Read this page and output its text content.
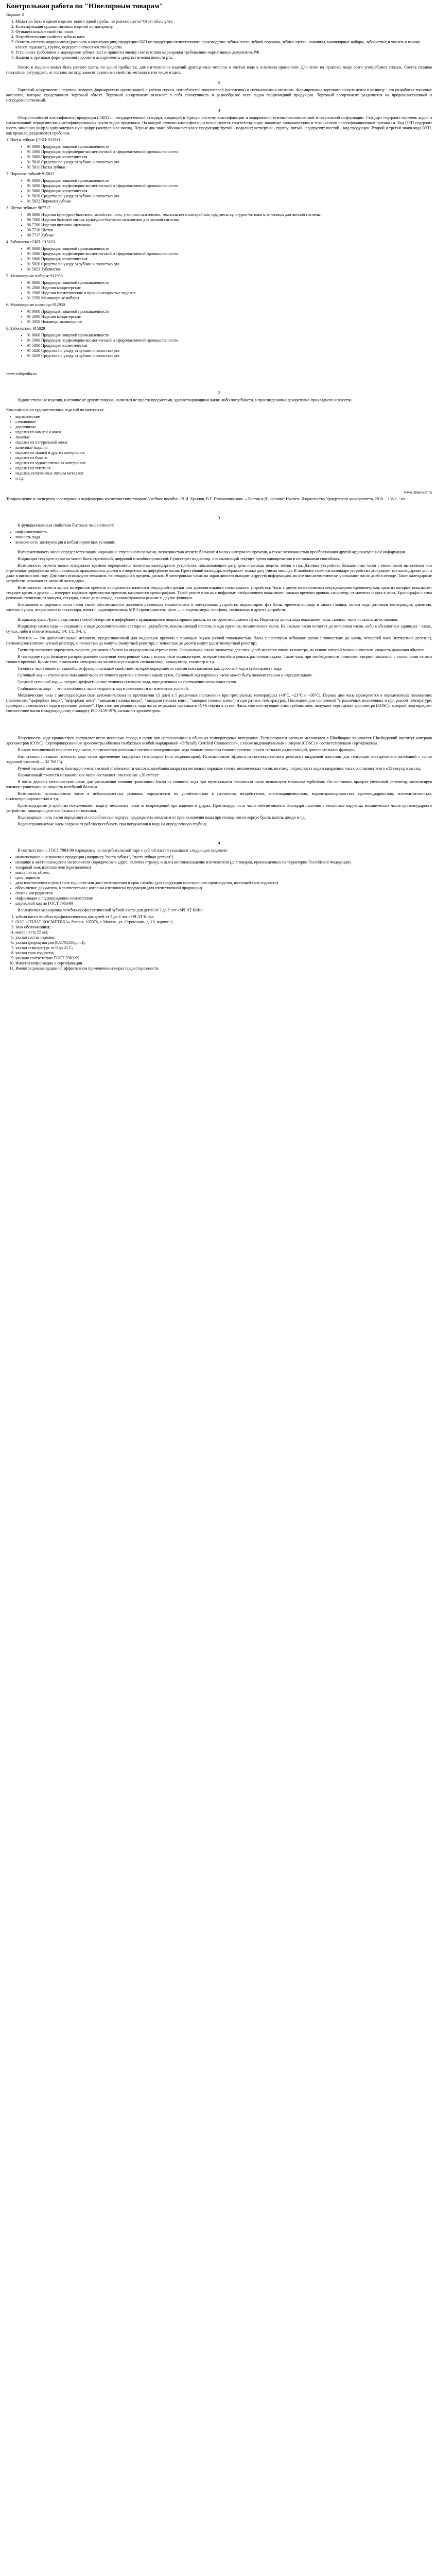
Контрольная работа по "Ювелирным товарам"

Вариант 2

1. Может ли быть в одном изделии золото одной пробы, но разного цвета? Ответ обоснуйте.
2. Классификация художественных изделий по материалу.
3. Функциональные свойства часов.
4. Потребительские свойства зубных паст.
5. Описать систему кодирования (раскрыть классификацию) продукции ОКП по продукции отечественного производства: зубная паста, зубной порошок, зубные щетки, ножницы, маникюрные наборы, зубочистки; и указать к какому классу, подклассу, группе, подгруппе относятся эти средства.
6. Установить требования к маркировке зубных паст и привести оценку соответствия маркировки требованиям нормативных документов РФ.
7. Выделить признаки формирования торгового ассортимента средств гигиены полости рта.

Золото в изделии может быть разного цвета, но одной пробы: т.к. для изготовления изделий драгоценных металлы в чистом виде в основном применяют. Для этого на практике чаще всего употребляют сплавы. Состав сплавов показатели регулируют, от состава лигатур зависят различные свойства металла в том числе и цвет.

5

Торговый ассортимент - перечень товаров, формируемых организацией с учётом спроса, потребностей покупателей (населения) и специализации магазина. Формирование торгового ассортимента в розницу - это разработка торговых каталогов, которые представляют торговый объект. Торговый ассортимент включает в себя совокупность и разнообразие всех видов парфюмерной продукции. Торговый ассортимент разделяется на продовольственный и непродовольственный.

4

Общероссийский классификатор продукции (ОКП) — государственный стандарт, входящий в Единую систему классификации и кодирования технико-экономической и социальной информации. Стандарт содержит перечень кодов и наименований иерархически классифицированных групп видов продукции. На каждой ступени классификации используются соответствующие значимые экономическим и техническим классификационным признакам. Код ОКП содержит шесть значащих цифр и одну контрольную цифру (контрольное число). Первые два знака обозначают класс продукции; третий - подкласс; четвертый - группу; пятый - подгруппу; шестой - вид продукции. Второй и третий знаки кода ОКП, как правило, разделяются пробелом.

1. Пасты зубные (ОКП: 915811 -

• 91 0000 Продукция пищевой промышленности
• 91 5000 Продукция парфюмерно-косметической и эфиромасличной промышленности
• 91 5800 Продукция косметическая
• 91 5810 Средства по уходу за зубами и полостью рта
• 91 5811 Пасты зубные

2. Порошок зубной: 915822

• 91 0000 Продукция пищевой промышленности
• 91 5000 Продукция парфюмерно-косметической и эфиромасличной промышленности
• 91 5800 Продукция косметическая
• 91 5820 Средства по уходу за зубами и полостью рта
• 91 5822 Порошки зубные

3. Щетки зубные: 967717

• 96 0000 Изделия культурно-бытового, хозяйственного, учебного назначения, текстильно-галантерейные, предметы культурно-бытового, отличных для личной гигиены
• 96 7000 Изделия бытовой химии, культурно-бытового назначения для личной гигиены
• 96 7700 Изделия щетинно-щеточные
• 96 7710 Щетки
• 96 7717 Зубные

4. Зубочистки ОКП: 915823

• 91 0000 Продукция пищевой промышленности
• 91 5000 Продукция парфюмерно-косметической и эфиромасличной промышленности
• 91 5800 Продукция косметическая
• 91 5820 Средства по уходу за зубами и полостью рта
• 91 5823 Зубочистки

5. Маникюрные наборы: 912950

• 91 0000 Продукция пищевой промышленности
• 91 2000 Изделия кондитерские
• 91 2900 Изделия косметические и прочие сахаристые изделия
• 91 2950 Маникюрные наборы

6. Маникюрные ножницы 912950

• 91 0000 Продукция пищевой промышленности
• 91 2000 Изделия кондитерские
• 91 2950 Ножницы маникюрные

6. Зубочистки: 915829

• 91 0000 Продукция пищевой промышленности
• 91 5000 Продукция парфюмерно-косметической и эфиромасличной промышленности
• 91 5800 Продукция косметическая
• 91 5820 Средства по уходу за зубами и полостью рта
• 91 5829 Средства по уходу за зубами и полостью рта

www.wikipedia.ru

2

Художественные изделия, в отличие от других товаров, являются не просто предметами, удовлетворяющими какие-либо потребности, а произведениями декоративно-прикладного искусства.

Классификация художественных изделий по материалу:

• керамические
• стеклянные
• деревянные
• изделия из камней и кожи
• лаковые
• изделия из натуральной кожи
• каменные изделия
• изделия из тканей и других материалов
• изделия из бумаги
• изделия из художественных материалов
• изделия из текстиля
• изделия, полученные литьем металлов
• и т.д.

www.znatovar.ru

Товароведение и экспертиза ювелирных и парфюмерно-косметических товаров: Учебное пособие / В.И. Крылов, В.Г. Положишникова. – Ростов н/Д : Феникс; Ижевск: Издательство Удмуртского университета, 2010. - 136 с. : ил.

3

К функциональным свойствам бытовых часов относят:

• информативность
• точность хода
• возможность эксплуатации в неблагоприятных условиях

Информативность часов определяется видом индикации: стрелочного времени, возможностью отсчета больших и малых интервалов времени, а также возможностью преобразования другой аудиовизуальной информации.

Индикация текущего времени может быть стрелочной, цифровой и комбинированной. Существует индикатор, показывающий текущее время одновременно и несколькими способами.

Возможность отсчета малых интервалов времени определяется наличием календарного устройства, показывающего дату, день и месяцы недели, месяц и год. Датовые устройства большинства часов с механизмом выполнены или стрелочные циферблаты либо с помощью вращающихся дисков в отверстиях на циферблате часов. Простейший календарь отображает только дату (число месяца). В наиболее сложном календаре устройство отображает все календарные дни и даже в високосном году. Для этого используют механизм, переводящий в пределы дисков. В электронных часах на экран дисплея выводят и другую информацию, но все они автоматически учитывают число дней в месяце. Такие календарные устройства называются «вечный календарь».

Возможность отсчета малых интервалов времени определяется наличием секундной стрелки или дополнительного специального устройства. Часы с двумя независимыми секундомерами-хронометрами, одна из которых показывает текущее время, а другая — измеряет короткие промежутки времени, называются хронографами. Такой режим в часах с цифровым отображением показывает, сколько времени прошло, например, от момента старта в часы. Хронографы с этим режимом отсчитывают минуты, секунды, сотые доли секунд, хронометражном режиме и другие функции.

Повышение информативности часов также обеспечивается наличием различных механических и электронных устройств, индикаторов: фаз Луны, времени восхода и заката Солнца, запаса хода, датчиков температуры, давления, частоты пульса, встроенного калькулятора, памяти, радиоприемника, MP-3 проигрывателя, фото — и видеокамеры, телефона, сигнальных и других устройств.

Индикатор фазы Луны представляет собой отверстие в циферблате с вращающимся индикаторным диском, на котором изображена Луна. Индикатор запаса хода показывает часы, сколько часов осталось до остановки.

Индикатор запаса хода — индикатор в виде дополнительного сектора на циферблате, показывающий степень завода пружины механических часов. На сколько часов остается до остановки часов, либо в абсолютных единицах - часах, сутках, либо в относительных: 1/4, 1/2, 3/4, 1.

Репетир — это дополнительный механизм, предназначенный для индикации времени с помощью звуков разной тональностью. Часы с репетиром отбивают время с точностью: до часов, четвертей часа (четвертной репетир), пятиминуток (пятиминутный репетир), с точностью до минуты (минутный репетир), с точностью до десяти минут (десятиминутный репетир).

Тахиметр позволяет определить скорость движения объекта на определенном отрезке пути. Специальная шкала тахиметра для этих целей является шкала тахиметра, на основе которой можно вычислить скорость движения объекта.

В последние годы большую распространение получили электронные часы с встроенным компьютером, которые способны решать различные задачи. Такие часы при необходимости позволяют сверять показания с эталонными часами точного времени. Кроме того, в комплект электронных часов могут входить сигнализатор, калькулятор, тахиметр и т.д.

Точность часов является важнейшим функциональным свойством, которое определяется такими показателями, как суточный ход и стабильность хода.

Суточный ход — отклонение показаний часов от точного времени в течение одних суток. Суточный ход наручных часов может быть положительным и отрицательным.

Средний суточный ход — среднее арифметическое величин суточного хода, определенных на протяжении нескольких суток.

Стабильность хода — это способность часов сохранять ход в зависимости от изменения условий.

Механические часы с автоподзаводом (или автоматические) на протяжении 15 дней в 5 различных положениях при трех разных температурах (+8°С, +23°С и +38°С). Первые дни часы проверяются в определенных положениях (положения: "циферблат вверх", "циферблат вниз", "заводная головка вверх", "заводная головка вниз", "заводная головка влево") и при разных температурах. Последние дни положений "в различных положениях и при разной температуре, проверка правильности хода в суточном режиме". При этом погрешность хода часов не должна превышать -4/+6 секунд в сутки. Часы, соответствующие этим требованиям, получают сертификат хронометра (COSC), который подтверждает соответствие часов международному стандарту ISO 3159-1976, называют хронометром.

Погрешность хода хронометров составляет всего несколько секунд в сутки при использовании в обычных температурных интервалах. Тестированием часовых механизмов в Швейцарии занимается Швейцарский институт контроля хронометров (COSC). Сертифицированные хронометры обязаны снабжаться особой маркировкой «Officially Certified Chronometer», а также индивидуальным номером (COSC) и соответствующим сертификатом.

В часах повышенной точности хода часов, применяются различные системы синхронизации хода точным сигналом точного времени, прием сигналов радиостанций, дополнительные функции.

Значительно повышает точность хода часов применение кварцевых генераторов (или осцилляторов). Использование эффекта пьезоэлектрического резонанса кварцевой пластины для генерации электрических колебаний с точно заданной частотой — 32 768 Гц.

Ручной часовой механизм, благодаря очень высокой стабильности частоты, колебания кварца на несколько порядков точнее механических часов, поэтому погрешность хода в кварцевых часах составляет всего ±15 секунд в месяц.

Нормативный точности механических часов составляет: отклонение ±20 сут/сут.

В очень дорогих механических часах для уменьшения влияния гравитации Земли на точность хода при вертикальном положении часов используют механизм турбийона. Он постоянно вращает спусковой регулятор, компенсируя влияние гравитации на скорость колебаний баланса.

Возможность использования часов в неблагоприятных условиях определяется их устойчивостью к различным воздействиям, влагозащищенностью, водонепроницаемостью, противоударностью, антимагнитностью, пыленепроницаемостью и т.д.

Противоударные устройства обеспечивают защиту механизма часов от повреждений при падении и ударах. Противоударность часов обеспечивается благодаря наличию в механизме наручных механических часов противоударного устройства, защищающего оси баланса от поломки.

Водозащищенность часов определяется способностью корпуса предохранять механизм от проникновения воды при попадании на корпус брызг, капель дождя и т.д.

Водонепроницаемые часы сохраняют работоспособность при погружении в воду на определенную глубину.

4

В соответствии с ГОСТ 7983-99 маркировку на потребительской таре с зубной пастой указывают следующие сведения:

• наименование и назначение продукции (например "паста зубная", "паста зубная детская")
• название и местонахождение изготовителя (юридический адрес, включая страну), и (или) местонахождение изготовителя (для товаров, произведенных на территории Российской Федерации)
• товарный знак изготовителя (при наличии)
• масса нетто, объем;
• срок годности
• дата изготовления и (или) срок годности или дата изготовления и срок службы (для продукции иностранного производства, имеющей срок годности)
• обозначение документа, в соответствии с которым изготовлена продукция (для отечественной продукции)
• список ингредиентов
• информация о подтверждении соответствия
• штриховой код по ГОСТ 7983-99

Исследуемая маркировка лечебно-профилактической зубной пасты для детей от 3 до 8 лет «SPLAT Kids»:

1. зубная паста лечебно-профилактическая для детей от 3 до 8 лет «SPLAT Kids»;
2. ООО «СПЛАТ-КОСМЕТИКА» Россия, 107076, г. Москва, ул. Стромынка, д. 19, корпус 1;
3. знак обслуживания;
4. масса нетто 55 мл;
5. указан состав изделия;
6. указан фторид натрия (0,05%(500ppm));
7. указан температуре от 0 до 25 С;
8. указан срок годности;
9. указано соответствие ГОСТ 7983-99
10. Имеется информация о сертификации
11. Имеются рекомендации об эффективном применении и мерах предосторожности.
